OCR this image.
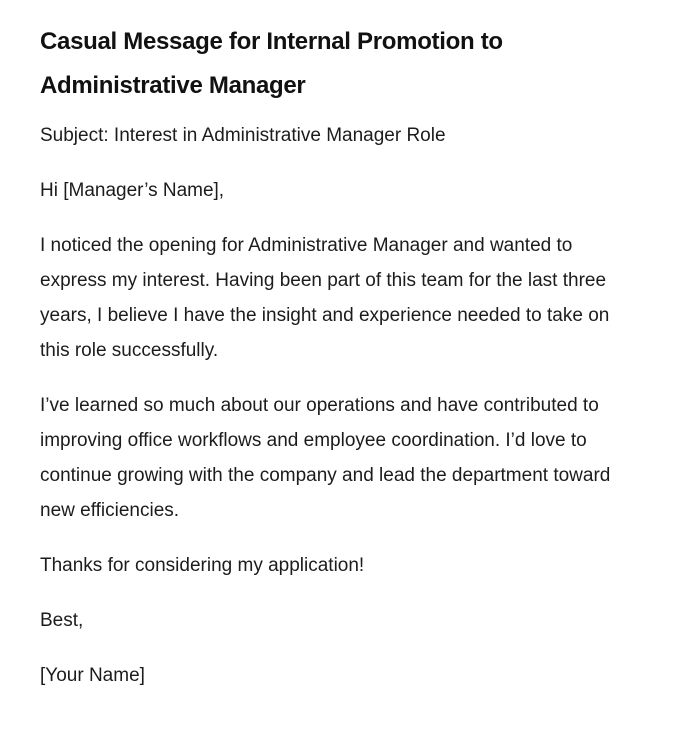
Casual Message for Internal Promotion to Administrative Manager

Subject: Interest in Administrative Manager Role

Hi [Manager’s Name],

I noticed the opening for Administrative Manager and wanted to express my interest. Having been part of this team for the last three years, I believe I have the insight and experience needed to take on this role successfully.

I’ve learned so much about our operations and have contributed to improving office workflows and employee coordination. I’d love to continue growing with the company and lead the department toward new efficiencies.

Thanks for considering my application!

Best,

[Your Name]
